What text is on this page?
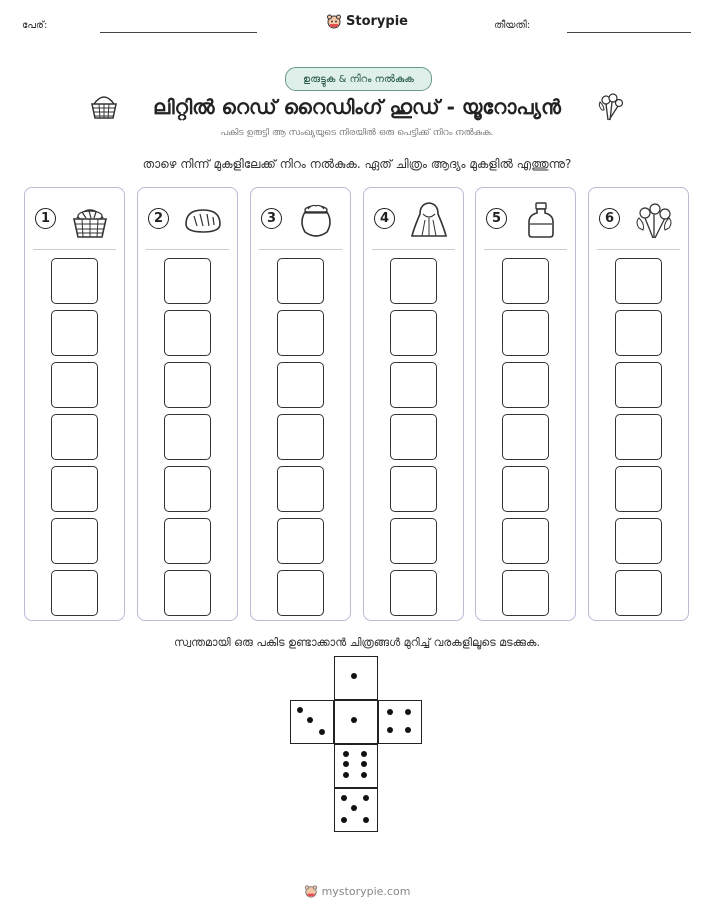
പേര്:	Storypie	തീയതി:
ഉരുട്ടുക & നിറം നൽകുക
ലിറ്റിൽ റെഡ് റൈഡിംഗ് ഹുഡ് - യൂറോപ്യൻ
പകിട ഉരുട്ടി ആ സംഖ്യയുടെ നിരയിൽ ഒരു പെട്ടിക്ക് നിറം നൽകുക.
താഴെ നിന്ന് മുകളിലേക്ക് നിറം നൽകുക. ഏത് ചിത്രം ആദ്യം മുകളിൽ എത്തുന്നു?
1	2	3	4	5	6
സ്വന്തമായി ഒരു പകിട ഉണ്ടാക്കാൻ ചിത്രങ്ങൾ മുറിച്ച് വരകളിലൂടെ മടക്കുക.
mystorypie.com
